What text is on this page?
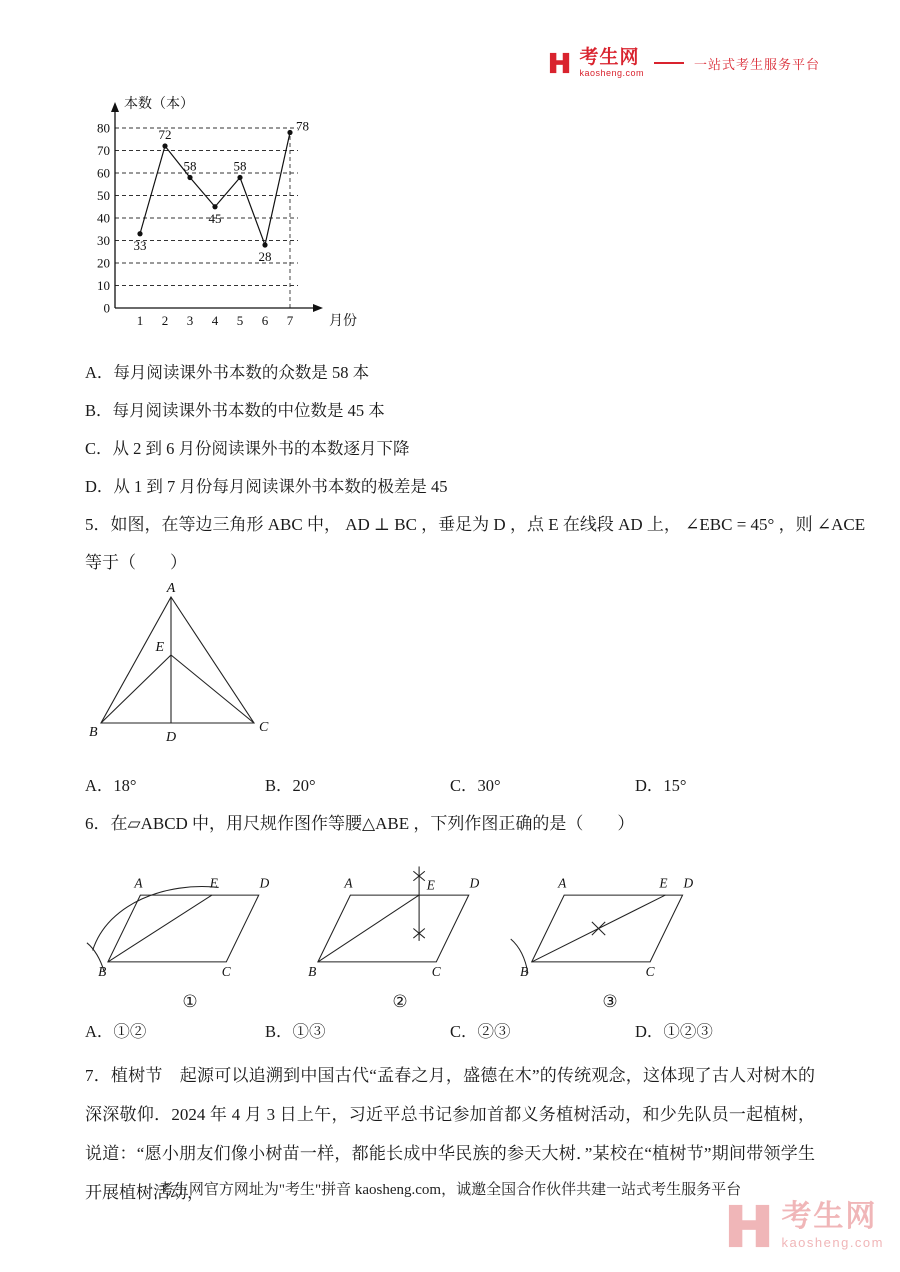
考生网
kaosheng.com
一站式考生服务平台
0
10
20
30
40
50
60
70
80
1 2 3 4 5 6 7
33
72
58
45
58
28
78
本数（本）
月份
A．每月阅读课外书本数的众数是 58 本
B．每月阅读课外书本数的中位数是 45 本
C．从 2 到 6 月份阅读课外书的本数逐月下降
D．从 1 到 7 月份每月阅读课外书本数的极差是 45
5．如图，在等边三角形 ABC 中， AD ⊥ BC ，垂足为 D ，点 E 在线段 AD 上， ∠EBC = 45° ，则 ∠ACE
等于（　　）
A
E
B	D
C
A．18°	B．20°	C．30°	D．15°
6．在▱ABCD 中，用尺规作图作等腰△ABE ，下列作图正确的是（　　）
A	E	D
B	C
①
A	E D
B	C
②
A	E D
B	C
③
A．①②	B．①③	C．②③	D．①②③

7．植树节　起源可以追溯到中国古代“孟春之月，盛德在木”的传统观念，这体现了古人对树木的深深敬仰．2024 年 4 月 3 日上午，习近平总书记参加首都义务植树活动，和少先队员一起植树，说道：“愿小朋友们像小树苗一样，都能长成中华民族的参天大树．”某校在“植树节”期间带领学生开展植树活动，

考生网官方网址为"考生"拼音 kaosheng.com，诚邀全国合作伙伴共建一站式考生服务平台
考生网
kaosheng.com
